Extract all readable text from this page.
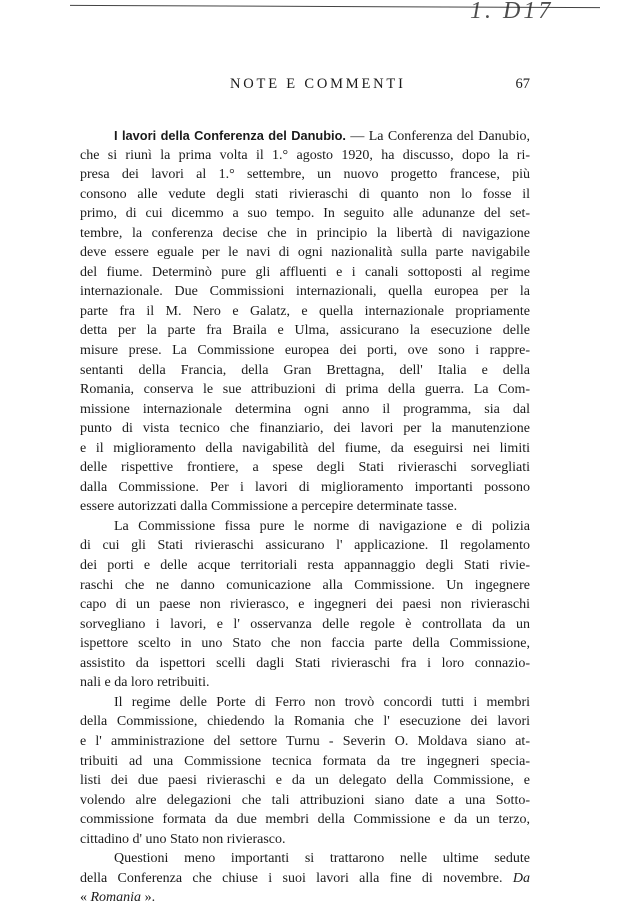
1. D17
NOTE E COMMENTI	67
I lavori della Conferenza del Danubio. — La Conferenza del Danubio,
che si riunì la prima volta il 1.° agosto 1920, ha discusso, dopo la ri-
presa dei lavori al 1.° settembre, un nuovo progetto francese, più
consono alle vedute degli stati rivieraschi di quanto non lo fosse il
primo, di cui dicemmo a suo tempo. In seguito alle adunanze del set-
tembre, la conferenza decise che in principio la libertà di navigazione
deve essere eguale per le navi di ogni nazionalità sulla parte navigabile
del fiume. Determinò pure gli affluenti e i canali sottoposti al regime
internazionale. Due Commissioni internazionali, quella europea per la
parte fra il M. Nero e Galatz, e quella internazionale propriamente
detta per la parte fra Braila e Ulma, assicurano la esecuzione delle
misure prese. La Commissione europea dei porti, ove sono i rappre-
sentanti della Francia, della Gran Brettagna, dell' Italia e della
Romania, conserva le sue attribuzioni di prima della guerra. La Com-
missione internazionale determina ogni anno il programma, sia dal
punto di vista tecnico che finanziario, dei lavori per la manutenzione
e il miglioramento della navigabilità del fiume, da eseguirsi nei limiti
delle rispettive frontiere, a spese degli Stati rivieraschi sorvegliati
dalla Commissione. Per i lavori di miglioramento importanti possono
essere autorizzati dalla Commissione a percepire determinate tasse.
La Commissione fissa pure le norme di navigazione e di polizia
di cui gli Stati rivieraschi assicurano l' applicazione. Il regolamento
dei porti e delle acque territoriali resta appannaggio degli Stati rivie-
raschi che ne danno comunicazione alla Commissione. Un ingegnere
capo di un paese non rivierasco, e ingegneri dei paesi non rivieraschi
sorvegliano i lavori, e l' osservanza delle regole è controllata da un
ispettore scelto in uno Stato che non faccia parte della Commissione,
assistito da ispettori scelli dagli Stati rivieraschi fra i loro connazio-
nali e da loro retribuiti.
Il regime delle Porte di Ferro non trovò concordi tutti i membri
della Commissione, chiedendo la Romania che l' esecuzione dei lavori
e l' amministrazione del settore Turnu - Severin O. Moldava siano at-
tribuiti ad una Commissione tecnica formata da tre ingegneri specia-
listi dei due paesi rivieraschi e da un delegato della Commissione, e
volendo alre delegazioni che tali attribuzioni siano date a una Sotto-
commissione formata da due membri della Commissione e da un terzo,
cittadino d' uno Stato non rivierasco.
Questioni meno importanti si trattarono nelle ultime sedute
della Conferenza che chiuse i suoi lavori alla fine di novembre. Da
« Romania ».
